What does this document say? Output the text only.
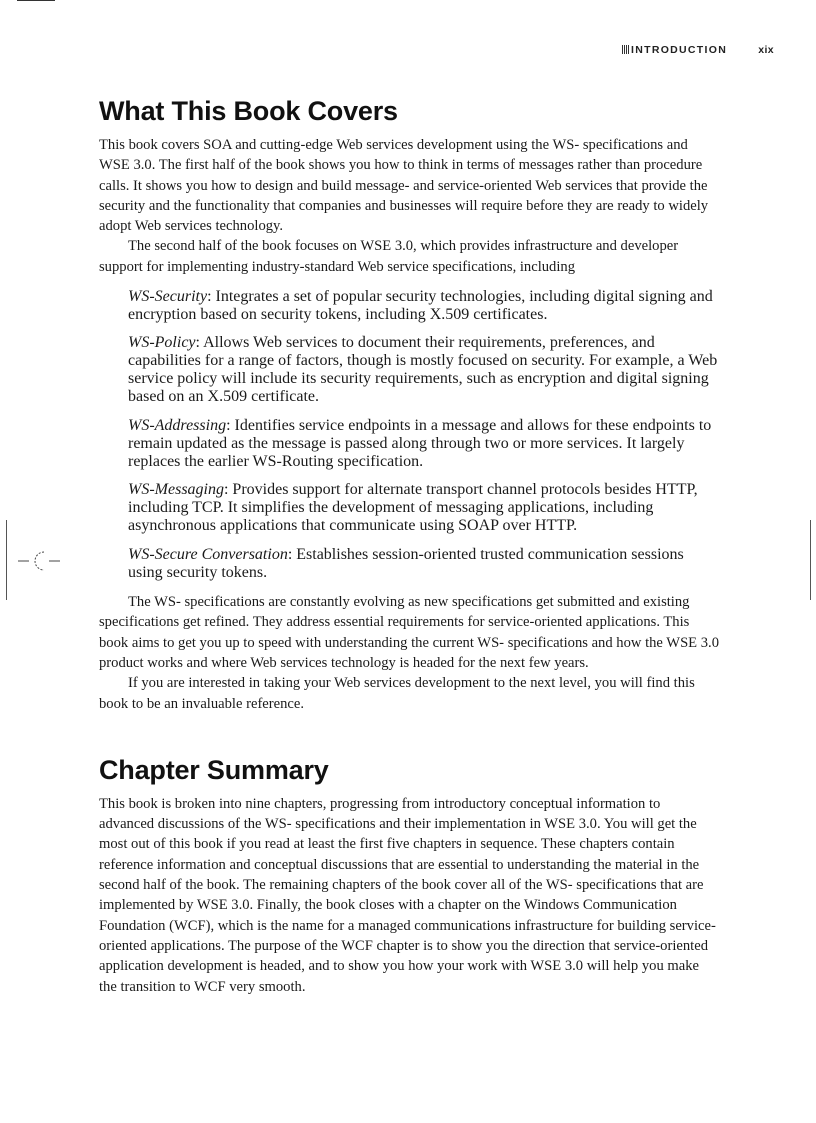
INTRODUCTION	xix
What This Book Covers

This book covers SOA and cutting-edge Web services development using the WS- specifications and WSE 3.0. The first half of the book shows you how to think in terms of messages rather than procedure calls. It shows you how to design and build message- and service-oriented Web services that provide the security and the functionality that companies and businesses will require before they are ready to widely adopt Web services technology.

The second half of the book focuses on WSE 3.0, which provides infrastructure and developer support for implementing industry-standard Web service specifications, including

WS-Security: Integrates a set of popular security technologies, including digital signing and encryption based on security tokens, including X.509 certificates.
WS-Policy: Allows Web services to document their requirements, preferences, and capabilities for a range of factors, though is mostly focused on security. For example, a Web service policy will include its security requirements, such as encryption and digital signing based on an X.509 certificate.
WS-Addressing: Identifies service endpoints in a message and allows for these endpoints to remain updated as the message is passed along through two or more services. It largely replaces the earlier WS-Routing specification.
WS-Messaging: Provides support for alternate transport channel protocols besides HTTP, including TCP. It simplifies the development of messaging applications, including asynchronous applications that communicate using SOAP over HTTP.
WS-Secure Conversation: Establishes session-oriented trusted communication sessions using security tokens.

The WS- specifications are constantly evolving as new specifications get submitted and existing specifications get refined. They address essential requirements for service-oriented applications. This book aims to get you up to speed with understanding the current WS- specifications and how the WSE 3.0 product works and where Web services technology is headed for the next few years.

If you are interested in taking your Web services development to the next level, you will find this book to be an invaluable reference.

Chapter Summary

This book is broken into nine chapters, progressing from introductory conceptual information to advanced discussions of the WS- specifications and their implementation in WSE 3.0. You will get the most out of this book if you read at least the first five chapters in sequence. These chapters contain reference information and conceptual discussions that are essential to understanding the material in the second half of the book. The remaining chapters of the book cover all of the WS- specifications that are implemented by WSE 3.0. Finally, the book closes with a chapter on the Windows Communication Foundation (WCF), which is the name for a managed communications infrastructure for building service-oriented applications. The purpose of the WCF chapter is to show you the direction that service-oriented application development is headed, and to show you how your work with WSE 3.0 will help you make the transition to WCF very smooth.
